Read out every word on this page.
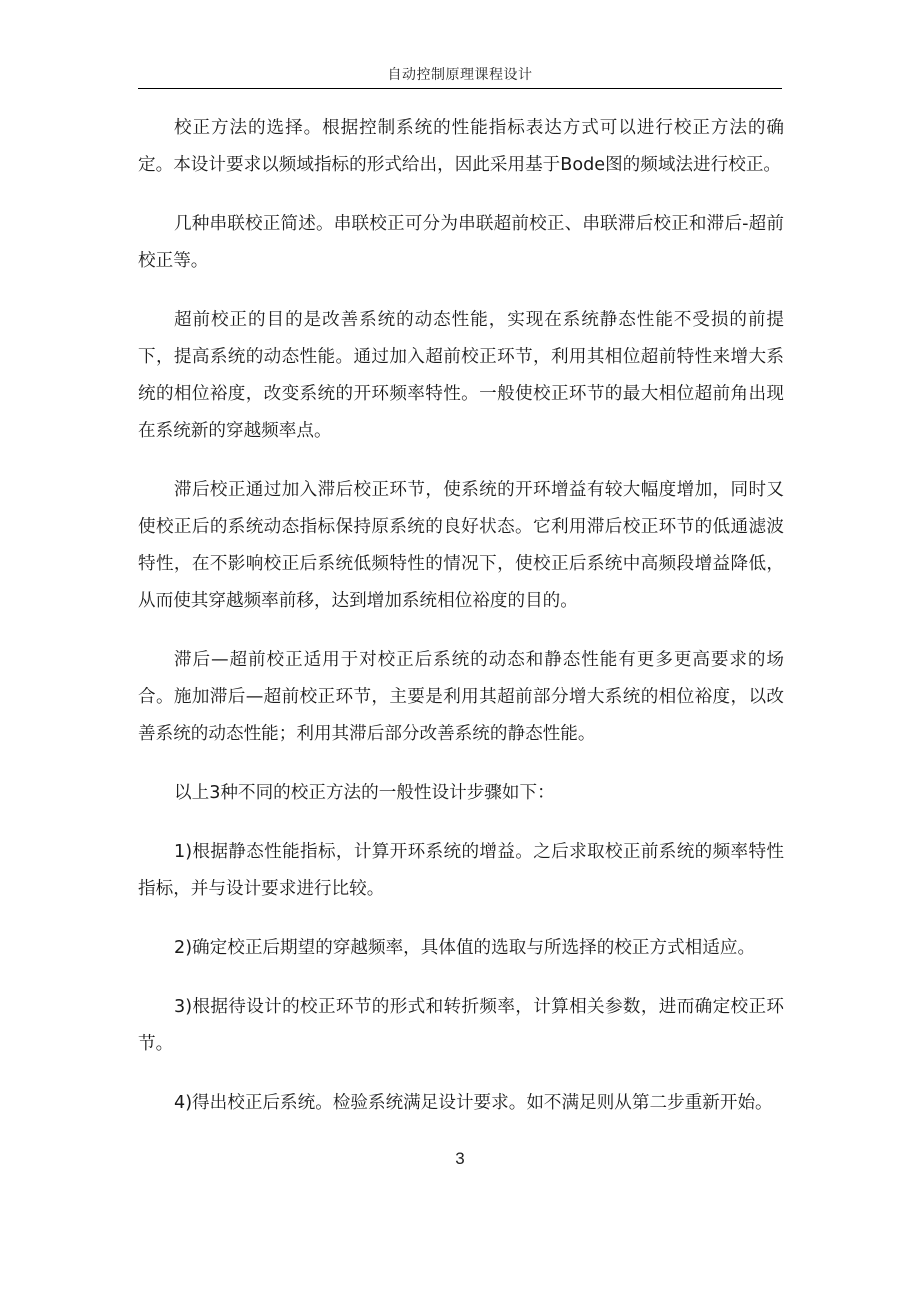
自动控制原理课程设计

校正方法的选择。根据控制系统的性能指标表达方式可以进行校正方法的确定。本设计要求以频域指标的形式给出，因此采用基于Bode图的频域法进行校正。

几种串联校正简述。串联校正可分为串联超前校正、串联滞后校正和滞后-超前校正等。

超前校正的目的是改善系统的动态性能，实现在系统静态性能不受损的前提下，提高系统的动态性能。通过加入超前校正环节，利用其相位超前特性来增大系统的相位裕度，改变系统的开环频率特性。一般使校正环节的最大相位超前角出现在系统新的穿越频率点。

滞后校正通过加入滞后校正环节，使系统的开环增益有较大幅度增加，同时又使校正后的系统动态指标保持原系统的良好状态。它利用滞后校正环节的低通滤波特性，在不影响校正后系统低频特性的情况下，使校正后系统中高频段增益降低，从而使其穿越频率前移，达到增加系统相位裕度的目的。

滞后—超前校正适用于对校正后系统的动态和静态性能有更多更高要求的场合。施加滞后—超前校正环节，主要是利用其超前部分增大系统的相位裕度，以改善系统的动态性能；利用其滞后部分改善系统的静态性能。

以上3种不同的校正方法的一般性设计步骤如下：

1)根据静态性能指标，计算开环系统的增益。之后求取校正前系统的频率特性指标，并与设计要求进行比较。

2)确定校正后期望的穿越频率，具体值的选取与所选择的校正方式相适应。

3)根据待设计的校正环节的形式和转折频率，计算相关参数，进而确定校正环节。

4)得出校正后系统。检验系统满足设计要求。如不满足则从第二步重新开始。

3
